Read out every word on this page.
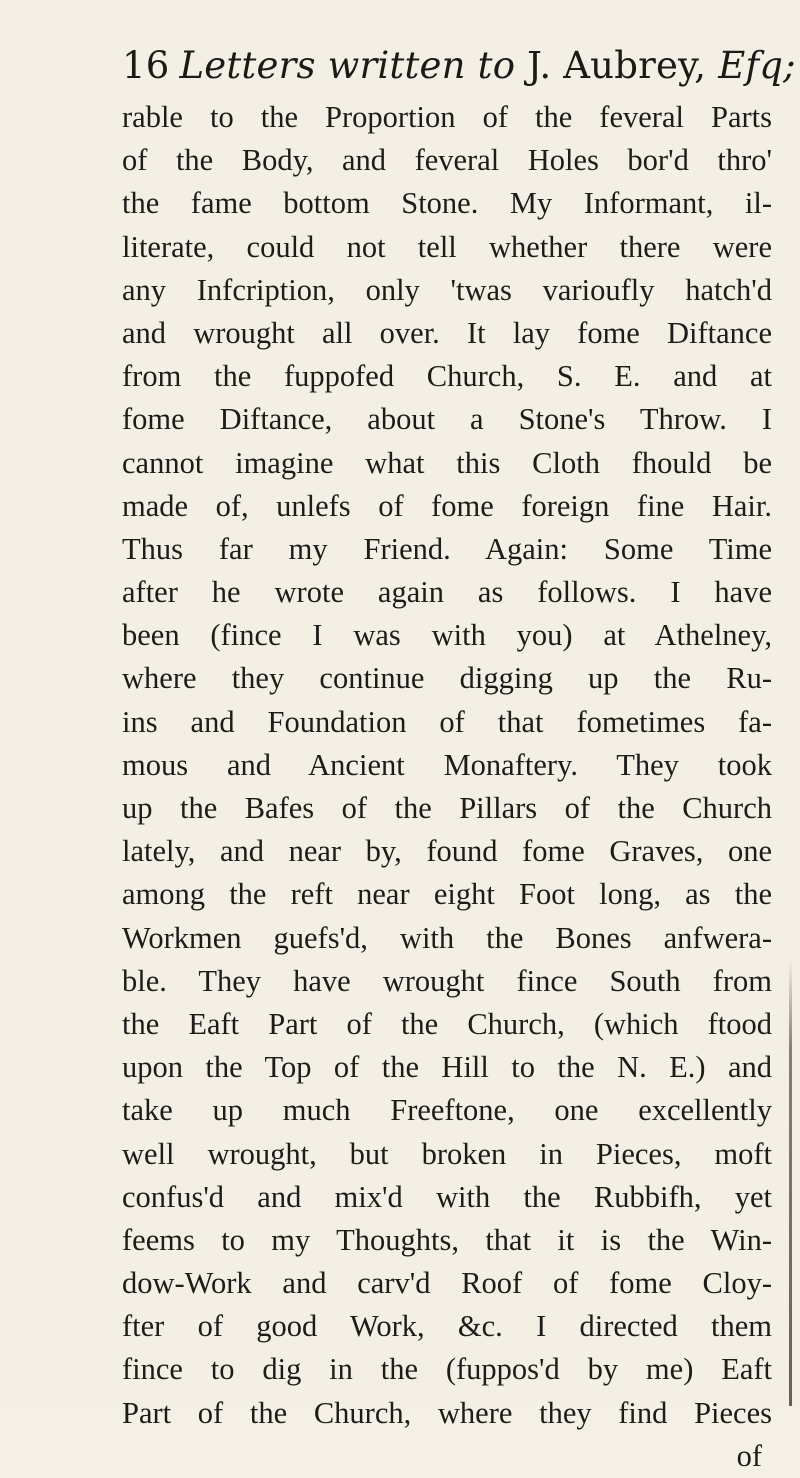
16 Letters written to J. Aubrey, Efq;
rable to the Proportion of the feveral Parts
of the Body, and feveral Holes bor'd thro'
the fame bottom Stone. My Informant, il-
literate, could not tell whether there were
any Infcription, only 'twas varioufly hatch'd
and wrought all over. It lay fome Diftance
from the fuppofed Church, S. E. and at
fome Diftance, about a Stone's Throw. I
cannot imagine what this Cloth fhould be
made of, unlefs of fome foreign fine Hair.
Thus far my Friend. Again: Some Time
after he wrote again as follows. I have
been (fince I was with you) at Athelney,
where they continue digging up the Ru-
ins and Foundation of that fometimes fa-
mous and Ancient Monaftery. They took
up the Bafes of the Pillars of the Church
lately, and near by, found fome Graves, one
among the reft near eight Foot long, as the
Workmen guefs'd, with the Bones anfwera-
ble. They have wrought fince South from
the Eaft Part of the Church, (which ftood
upon the Top of the Hill to the N. E.) and
take up much Freeftone, one excellently
well wrought, but broken in Pieces, moft
confus'd and mix'd with the Rubbifh, yet
feems to my Thoughts, that it is the Win-
dow-Work and carv'd Roof of fome Cloy-
fter of good Work, &c. I directed them
fince to dig in the (fuppos'd by me) Eaft
Part of the Church, where they find Pieces
of
